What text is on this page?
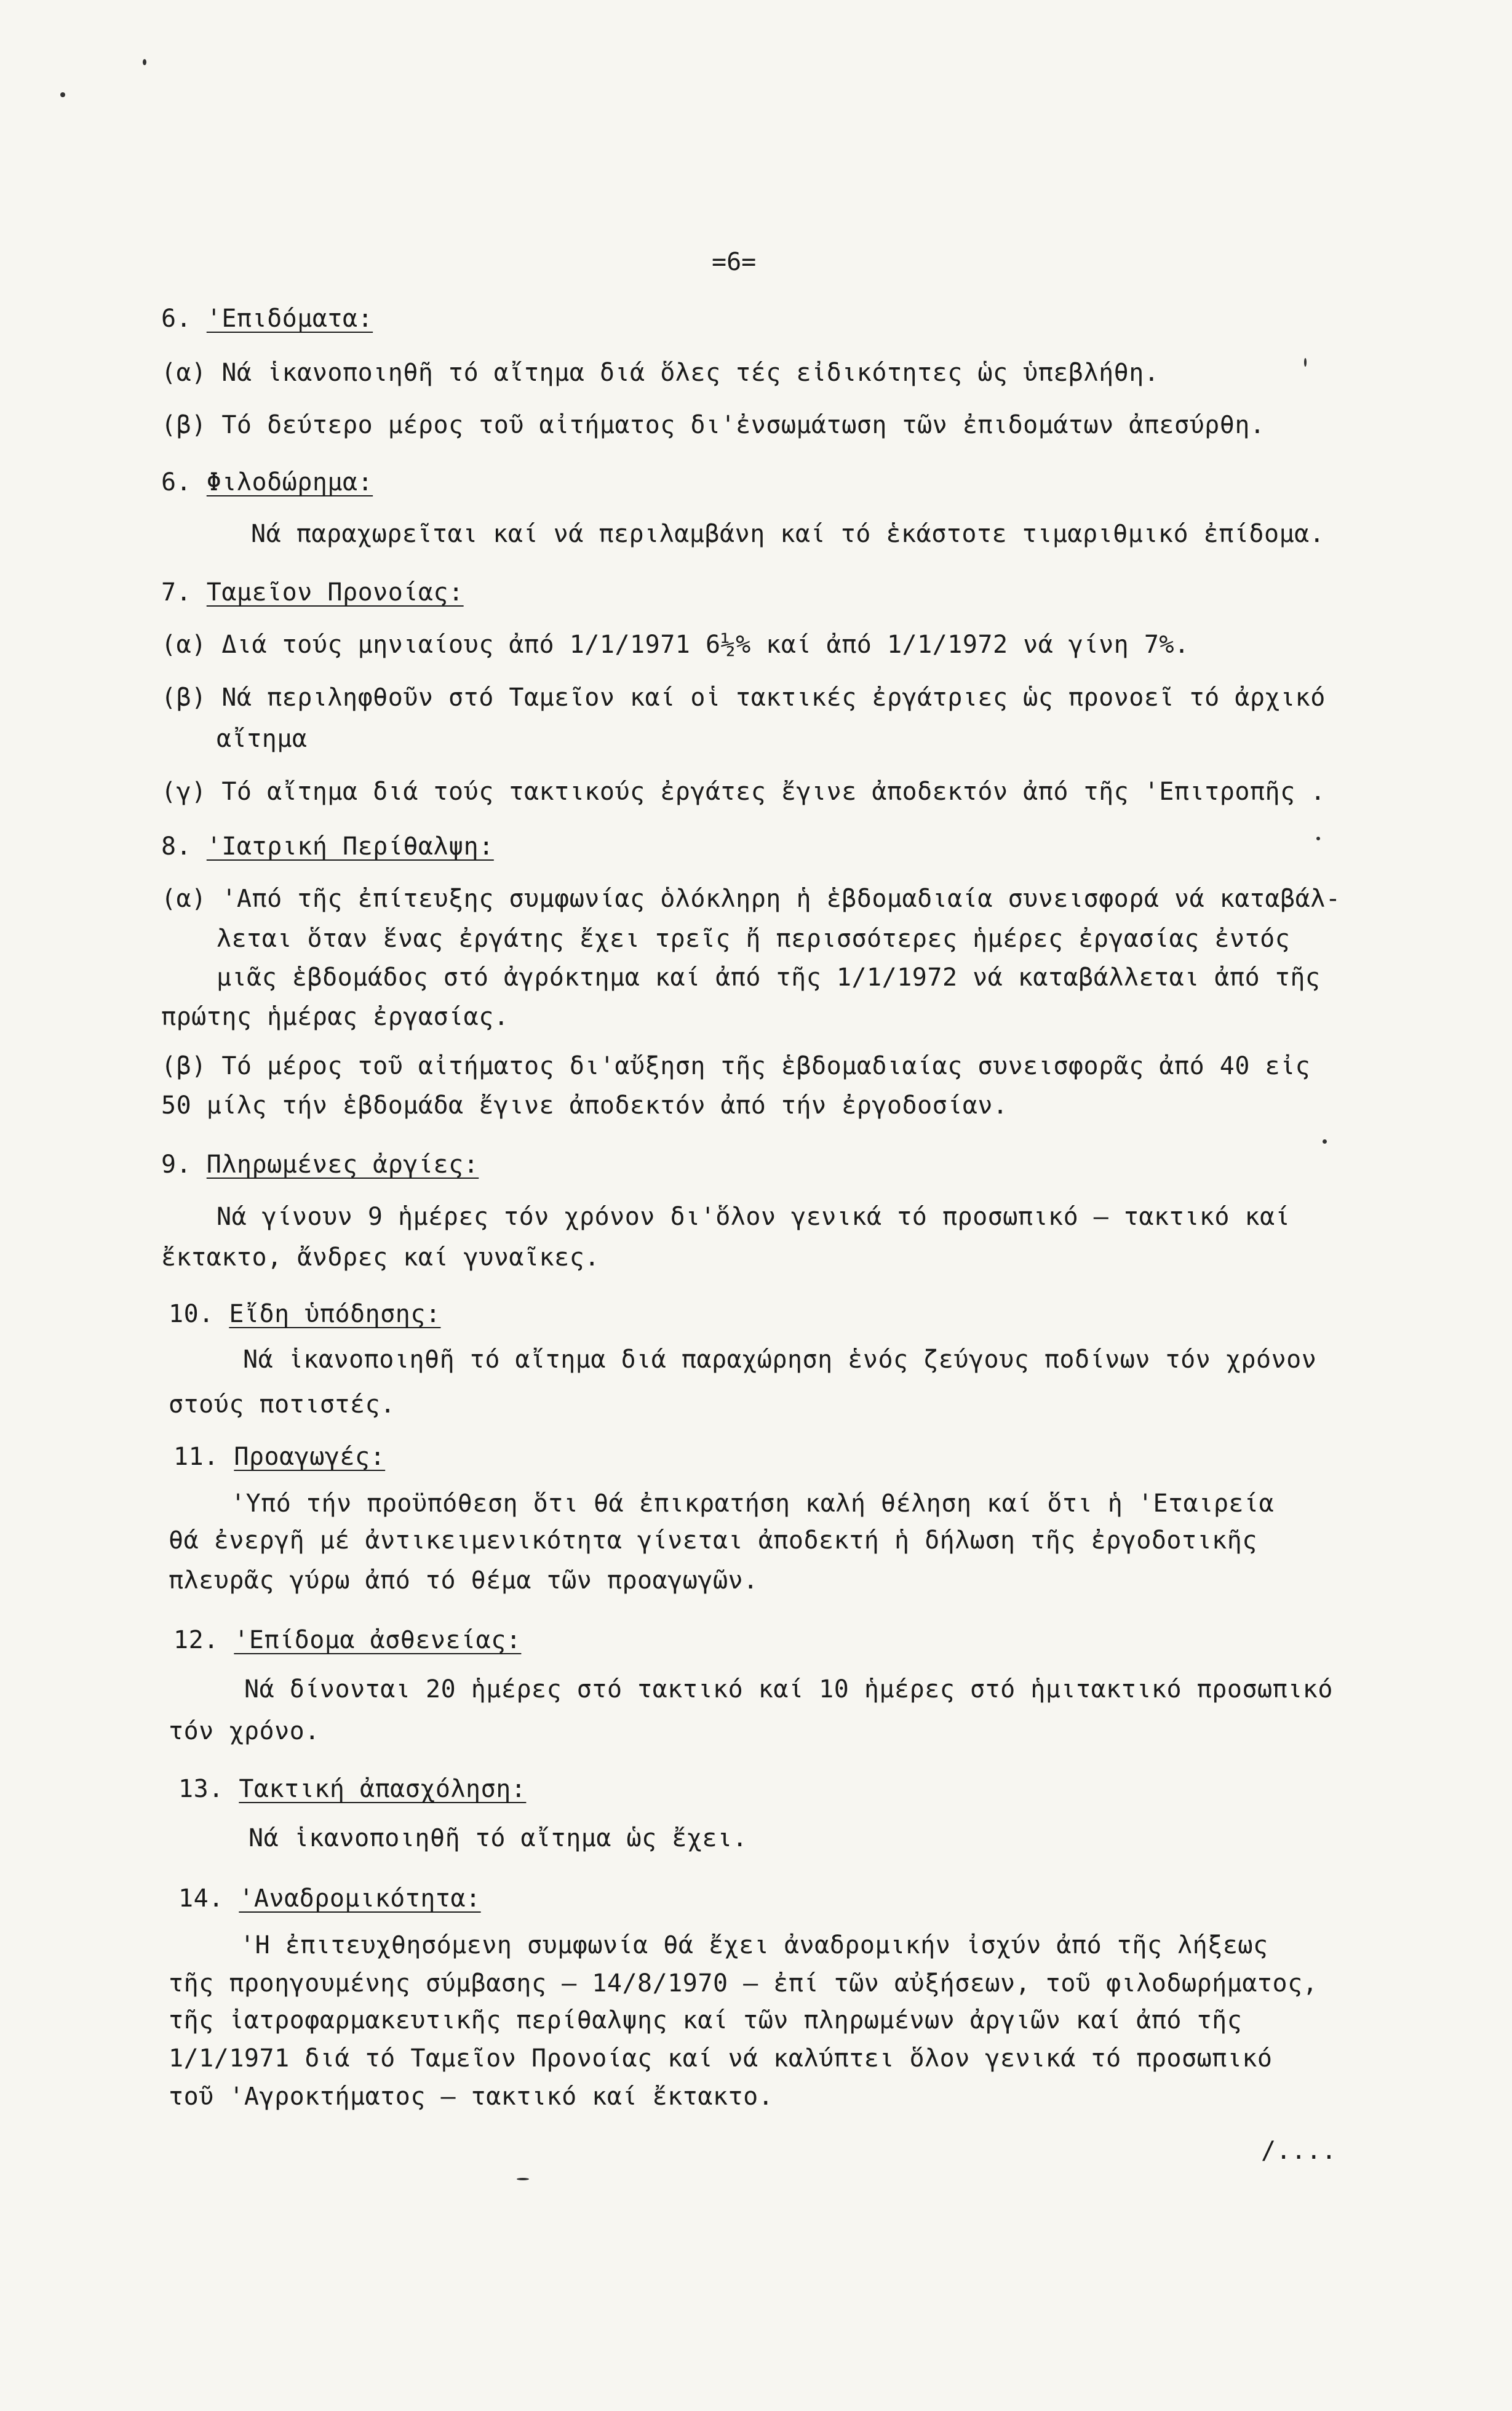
=6=
6. 'Επιδόματα:
(α) Νά ἱκανοποιηθῆ τό αἴτημα διά ὅλες τές εἰδικότητες ὡς ὑπεβλήθη.
(β) Τό δεύτερο μέρος τοῦ αἰτήματος δι'ἐνσωμάτωση τῶν ἐπιδομάτων ἀπεσύρθη.
6. Φιλοδώρημα:
Νά παραχωρεῖται καί νά περιλαμβάνη καί τό ἑκάστοτε τιμαριθμικό ἐπίδομα.
7. Ταμεῖον Προνοίας:
(α) Διά τούς μηνιαίους ἀπό 1/1/1971 6½% καί ἀπό 1/1/1972 νά γίνη 7%.
(β) Νά περιληφθοῦν στό Ταμεῖον καί οἱ τακτικές ἐργάτριες ὡς προνοεῖ τό ἀρχικό
αἴτημα
(γ) Τό αἴτημα διά τούς τακτικούς ἐργάτες ἔγινε ἀποδεκτόν ἀπό τῆς 'Επιτροπῆς .
8. 'Ιατρική Περίθαλψη:
(α) 'Από τῆς ἐπίτευξης συμφωνίας ὁλόκληρη ἡ ἑβδομαδιαία συνεισφορά νά καταβάλ-
λεται ὅταν ἕνας ἐργάτης ἔχει τρεῖς ἤ περισσότερες ἡμέρες ἐργασίας ἐντός
μιᾶς ἑβδομάδος στό ἀγρόκτημα καί ἀπό τῆς 1/1/1972 νά καταβάλλεται ἀπό τῆς
πρώτης ἡμέρας ἐργασίας.
(β) Τό μέρος τοῦ αἰτήματος δι'αὔξηση τῆς ἑβδομαδιαίας συνεισφορᾶς ἀπό 40 εἰς
50 μίλς τήν ἑβδομάδα ἔγινε ἀποδεκτόν ἀπό τήν ἐργοδοσίαν.
9. Πληρωμένες ἀργίες:
Νά γίνουν 9 ἡμέρες τόν χρόνον δι'ὅλον γενικά τό προσωπικό – τακτικό καί
ἔκτακτο, ἄνδρες καί γυναῖκες.
10. Εἴδη ὑπόδησης:
Νά ἱκανοποιηθῆ τό αἴτημα διά παραχώρηση ἑνός ζεύγους ποδίνων τόν χρόνον
στούς ποτιστές.
11. Προαγωγές:
'Υπό τήν προϋπόθεση ὅτι θά ἐπικρατήση καλή θέληση καί ὅτι ἡ 'Εταιρεία
θά ἐνεργῆ μέ ἀντικειμενικότητα γίνεται ἀποδεκτή ἡ δήλωση τῆς ἐργοδοτικῆς
πλευρᾶς γύρω ἀπό τό θέμα τῶν προαγωγῶν.
12. 'Επίδομα ἀσθενείας:
Νά δίνονται 20 ἡμέρες στό τακτικό καί 10 ἡμέρες στό ἡμιτακτικό προσωπικό
τόν χρόνο.
13. Τακτική ἀπασχόληση:
Νά ἱκανοποιηθῆ τό αἴτημα ὡς ἔχει.
14. 'Αναδρομικότητα:
'Η ἐπιτευχθησόμενη συμφωνία θά ἔχει ἀναδρομικήν ἰσχύν ἀπό τῆς λήξεως
τῆς προηγουμένης σύμβασης – 14/8/1970 – ἐπί τῶν αὐξήσεων, τοῦ φιλοδωρήματος,
τῆς ἰατροφαρμακευτικῆς περίθαλψης καί τῶν πληρωμένων ἀργιῶν καί ἀπό τῆς
1/1/1971 διά τό Ταμεῖον Προνοίας καί νά καλύπτει ὅλον γενικά τό προσωπικό
τοῦ 'Αγροκτήματος – τακτικό καί ἔκτακτο.
/....
